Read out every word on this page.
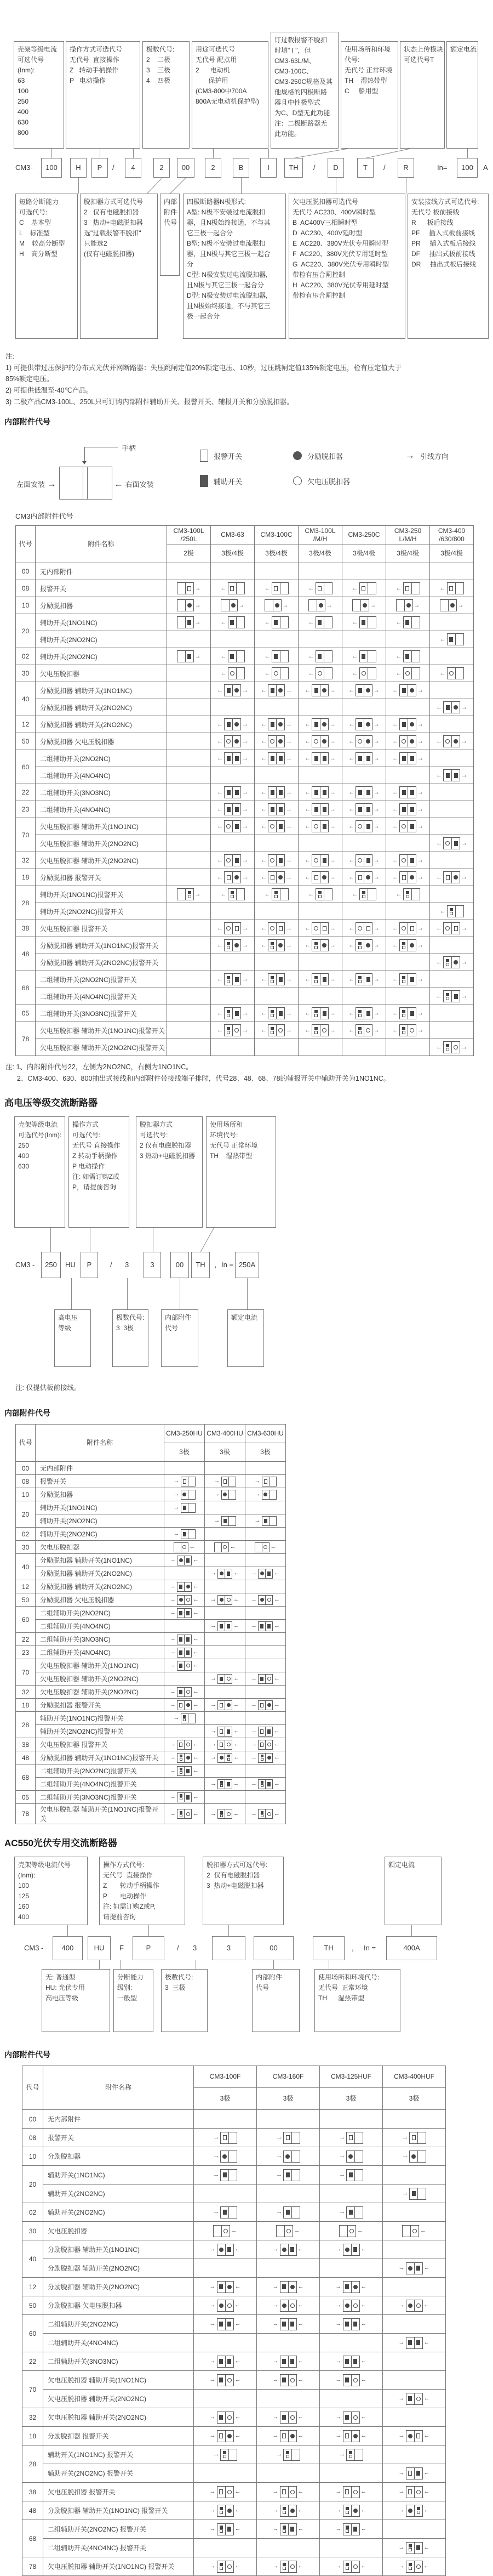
壳架等级电流
可选代号
(Inm):
63
100
250
400
630
800
操作方式可选代号
无代号  直接操作
Z   转动手柄操作
P   电动操作
极数代号:
2    二极
3    三极
4    四极
用途可选代号
无代号 配点用
2      电动机
保护用
(CM3-800中700A
800A无电动机保护型)
订过载报警不脱扣
时填" I "，但
CM3-63L/M、
CM3-100C、
CM3-250C规格及其
他规格的四极断路
器且中性极型式
为C、D型无此功能
注：二极断路器无
此功能。
使用场所和环境
代号:
无代号 正常环境
TH    湿热带型
C     船用型
状态上传模块
可选代号T
额定电流
CM3-	100	H	P	/	4	2	00	2	B	I	TH	/	D	T	/	R	In=	100	A
短路分断能力
可选代号:
C    基本型
L    标准型
M    较高分断型
H    高分断型
脱扣器方式可选代号
2   仅有电磁脱扣器
3   热动+电磁脱扣器
选"过载报警不脱扣"
只能选2
(仅有电磁脱扣器)
内部
附件
代号
四极断路器N极形式:
A型: N极不安装过电流脱扣
器，且N极始终接通，不与其
它三极一起合分
B型: N极不安装过电流脱扣
器，且N极与其它三极一起合
分
C型: N极安装过电流脱扣器,
且N极与其它三极一起合分
D型: N极安装过电流脱扣器,
且N极始终接通，不与其它三
极一起合分
欠电压脱扣器可选代号
无代号 AC230、400V瞬时型
B  AC400V三相瞬时型
D  AC230、400V延时型
E  AC220、380V光伏专用瞬时型
F  AC220、380V光伏专用延时型
G  AC220、380V光伏专用瞬时型
带检有压合闸控制
H  AC220、380V光伏专用延时型
带检有压合闸控制
安装接线方式可选代号:
无代号 板前接线
R      板后接线
PF     插入式板前接线
PR     插入式板后接线
DF     抽出式板前接线
DR     抽出式板后接线
注:
1) 可提供带过压保护的分布式光伏并网断路器：失压跳闸定值20%额定电压、10秒，过压跳闸定值135%额定电压，检有压定值大于
85%额定电压。
2) 可提供低温至-40℃产品。
3) 二极产品CM3-100L、250L只可订购内部附件辅助开关、报警开关、辅报开关和分励脱扣器。
内部附件代号
手柄
左面安装 →	← 右面安装
报警开关	分励脱扣器	→ 引线方向
辅助开关	欠电压脱扣器
CM3内部附件代号
代号	附件名称	
CM3-100L
/250L

CM3-63	CM3-100C

CM3-100L
/M/H

CM3-250C

CM3-250
L/M/H

CM3-400
/630/800

		2极	3极/4极	3极/4极	3极/4极	3极/4极	3极/4极	3极/4极
00	无内部附件							
08	报警开关	→	←	←	←	←	←	←

10	分励脱扣器	→	→	→	→	→	→	→

20	辅助开关(1NO1NC)	→	←	←	←	←	←	

	辅助开关(2NO2NC)							←

02	辅助开关(2NO2NC)	→	←	←	←	←	←	

30	欠电压脱扣器		←	←	←	←	←	←

40	分励脱扣器 辅助开关(1NO1NC)		← →	← →	← →	← →	← →	

	分励脱扣器 辅助开关(2NO2NC)							← →

12	分励脱扣器 辅助开关(2NO2NC)		← →	← →	← →	← →	← →	

50	分励脱扣器 欠电压脱扣器		← →	← →	← →	← →	← →	← →

60	二组辅助开关(2NO2NC)		← →	← →	← →	← →	← →	

	二组辅助开关(4NO4NC)							← →

22	二组辅助开关(3NO3NC)		← →	← →	← →	← →	← →	

23	二组辅助开关(4NO4NC)		← →	← →	← →	← →	← →	

70	欠电压脱扣器 辅助开关(1NO1NC)		← →	← →	← →	← →	← →	

	欠电压脱扣器 辅助开关(2NO2NC)							← →

32	欠电压脱扣器 辅助开关(2NO2NC)		← →	← →	← →	← →	← →	

18	分励脱扣器 报警开关		← →	← →	← →	← →	← →	← →

28	辅助开关(1NO1NC)报警开关	→	←	←	←	←	←	

	辅助开关(2NO2NC)报警开关							←

38	欠电压脱扣器 报警开关		← →	← →	← →	← →	← →	← →

48	分励脱扣器 辅助开关(1NO1NC)报警开关		← →	← →	← →	← →	← →	

	分励脱扣器 辅助开关(2NO2NC)报警开关							← →

68	二组辅助开关(2NO2NC)报警开关		← →	← →	← →	← →	← →	

	二组辅助开关(4NO4NC)报警开关							← →

05	二组辅助开关(3NO3NC)报警开关		← →	← →	← →	← →	← →	

78	欠电压脱扣器 辅助开关(1NO1NC)报警开关		← →	← →	← →	← →	← →	

	欠电压脱扣器 辅助开关(2NO2NC)报警开关							← →
注: 1、内部附件代号22，左侧为2NO2NC，右侧为1NO1NC。
2、CM3-400、630、800抽出式接线和内部附件带接线端子排时，代号28、48、68、78的辅报开关中辅助开关为1NO1NC。
高电压等级交流断路器
壳架等级电流
可选代号(Inm):
250
400
630
操作方式
可选代号:
无代号 直接操作
Z 转动手柄操作
P 电动操作
注: 如需订购Z或
P，请提前咨询
脱扣器方式
可选代号:
2 仅有电磁脱扣器
3 热动+电磁脱扣器
使用场所和
环境代号:
无代号 正常环境
TH    湿热带型
CM3 -	250	HU	P	/ 3	3	00	TH	， In = 250A
高电压
等级
极数代号:
3  3极
内部附件
代号
额定电流
注: 仅提供板前接线。
内部附件代号
代号	附件名称	CM3-250HU	CM3-400HU	CM3-630HU

		3极	3极	3极
00	无内部附件			
08	报警开关	→	→	→

10	分励脱扣器	→	→	→

20	辅助开关(1NO1NC)	→		

	辅助开关(2NO2NC)		→	→

02	辅助开关(2NO2NC)	→		

30	欠电压脱扣器	←	←	←

40	分励脱扣器 辅助开关(1NO1NC)	→ ←		

	分励脱扣器 辅助开关(2NO2NC)		→ ←	→ ←

12	分励脱扣器 辅助开关(2NO2NC)	→ ←		

50	分励脱扣器 欠电压脱扣器	→ ←	→ ←	→ ←

60	二组辅助开关(2NO2NC)	→ ←		

	二组辅助开关(4NO4NC)		→ ←	→ ←

22	二组辅助开关(3NO3NC)	→ ←		

23	二组辅助开关(4NO4NC)	→ ←		

70	欠电压脱扣器 辅助开关(1NO1NC)	→ ←		

	欠电压脱扣器 辅助开关(2NO2NC)		→ ←	→ ←

32	欠电压脱扣器 辅助开关(2NO2NC)	→ ←		

18	分励脱扣器 报警开关	→ ←	→ ←	→ ←

28	辅助开关(1NO1NC)报警开关	→		

	辅助开关(2NO2NC)报警开关		→ ←	→ ←

38	欠电压脱扣器 报警开关	→ ←	→ ←	→ ←

48	分励脱扣器 辅助开关(1NO1NC)报警开关	→ ←	→ ←	→ ←

68	二组辅助开关(2NO2NC)报警开关	→ ←		

	二组辅助开关(4NO4NC)报警开关		→ ←	→ ←

05	二组辅助开关(3NO3NC)报警开关	→ ←		

78	欠电压脱扣器 辅助开关(1NO1NC)报警开关	→ ←	→ ←	→ ←
AC550光伏专用交流断路器
壳架等级电流代号
(Inm):
100
125
160
400
操作方式代号:
无代号  直接操作
Z       转动手柄操作
P       电动操作
注: 如需订购Z或P,
请提前咨询
脱扣器方式可选代号:
2  仅有电磁脱扣器
3  热动+电磁脱扣器
额定电流
CM3 -	400	HU	F	P	/ 3	3	00	TH	， In =	400A
无: 普通型
HU: 光伏专用
高电压等级
分断能力
级别:
一般型
极数代号:
3  三极
内部附件
代号
使用场所和环境代号:
无代号  正常环境
TH      湿热带型
内部附件代号
代号	附件名称	CM3-100F	CM3-160F	CM3-125HUF	CM3-400HUF

		3极	3极	3极	3极
00	无内部附件				
08	报警开关	→	→	→	→

10	分励脱扣器	→	→	→	→

20	辅助开关(1NO1NC)	→	→	→	

	辅助开关(2NO2NC)				→

02	辅助开关(2NO2NC)	→	→	→	

30	欠电压脱扣器	←	←	←	←

40	分励脱扣器 辅助开关(1NO1NC)	→ ←	→ ←	→ ←	

	分励脱扣器 辅助开关(2NO2NC)				→ ←

12	分励脱扣器 辅助开关(2NO2NC)	→ ←	→ ←	→ ←	

50	分励脱扣器 欠电压脱扣器	→ ←	→ ←	→ ←	→ ←

60	二组辅助开关(2NO2NC)	→ ←	→ ←	→ ←	

	二组辅助开关(4NO4NC)				→ ←

22	二组辅助开关(3NO3NC)	→ ←	→ ←	→ ←	

70	欠电压脱扣器 辅助开关(1NO1NC)	→ ←	→ ←	→ ←	

	欠电压脱扣器 辅助开关(2NO2NC)				→ ←

32	欠电压脱扣器 辅助开关(2NO2NC)	→ ←	→ ←	→ ←	

18	分励脱扣器 报警开关	→ ←	→ ←	→ ←	→ ←

28	辅助开关(1NO1NC) 报警开关	→	→	→	

	辅助开关(2NO2NC) 报警开关				→ ←

38	欠电压脱扣器 报警开关	→ ←	→ ←	→ ←	→ ←

48	分励脱扣器 辅助开关(1NO1NC) 报警开关	→ ←	→ ←	→ ←	→ ←

68	二组辅助开关(2NO2NC) 报警开关	→ ←	→ ←	→ ←	

	二组辅助开关(4NO4NC) 报警开关				→ ←

78	欠电压脱扣器 辅助开关(1NO1NC) 报警开关	→ ←	→ ←	→ ←	→ ←
